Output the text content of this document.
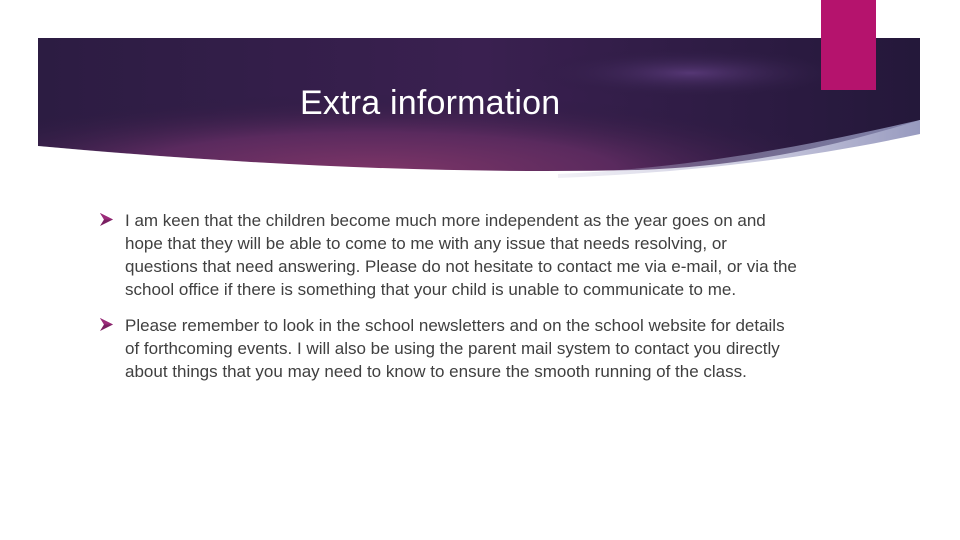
Extra information
I am keen that the children become much more independent as the year goes on and hope that they will be able to come to me with any issue that needs resolving, or questions that need answering. Please do not hesitate to contact me via e-mail, or via the school office if there is something that your child is unable to communicate to me.
Please remember to look in the school newsletters and on the school website for details of forthcoming events. I will also be using the parent mail system to contact you directly about things that you may need to know to ensure the smooth running of the class.
